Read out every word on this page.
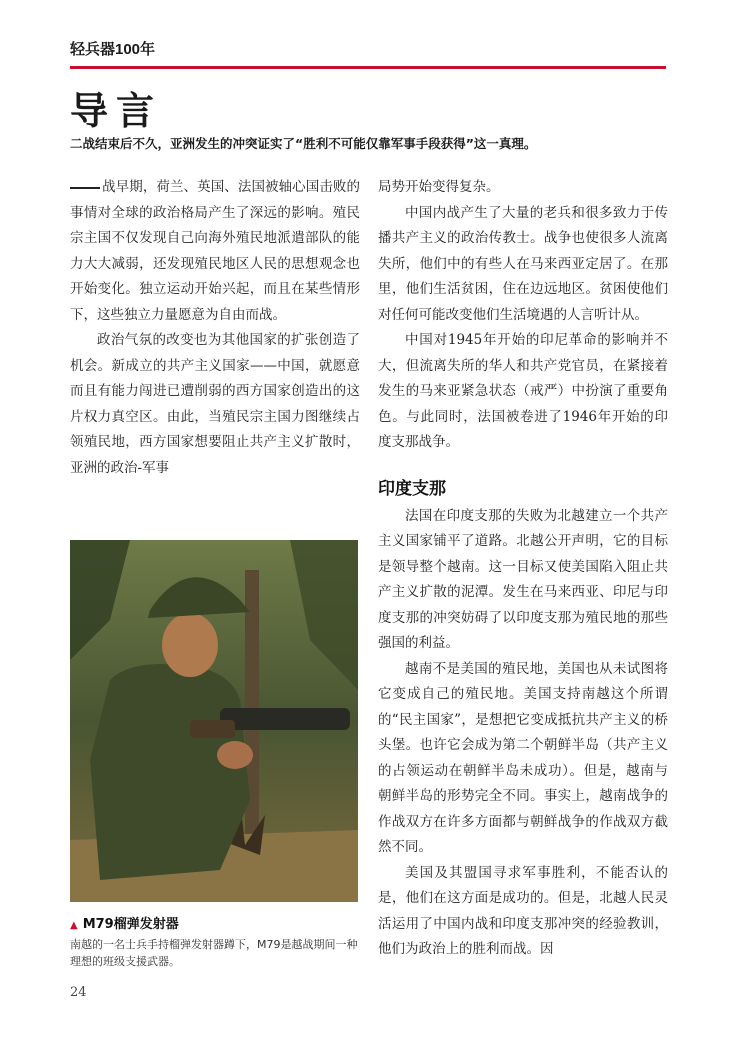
轻兵器100年
导言
二战结束后不久，亚洲发生的冲突证实了“胜利不可能仅靠军事手段获得”这一真理。

战早期，荷兰、英国、法国被轴心国击败的事情对全球的政治格局产生了深远的影响。殖民宗主国不仅发现自己向海外殖民地派遣部队的能力大大减弱，还发现殖民地区人民的思想观念也开始变化。独立运动开始兴起，而且在某些情形下，这些独立力量愿意为自由而战。

政治气氛的改变也为其他国家的扩张创造了机会。新成立的共产主义国家——中国，就愿意而且有能力闯进已遭削弱的西方国家创造出的这片权力真空区。由此，当殖民宗主国力图继续占领殖民地，西方国家想要阻止共产主义扩散时，亚洲的政治-军事

▲ M79榴弹发射器
南越的一名士兵手持榴弹发射器蹲下，M79是越战期间一种理想的班级支援武器。

局势开始变得复杂。

中国内战产生了大量的老兵和很多致力于传播共产主义的政治传教士。战争也使很多人流离失所，他们中的有些人在马来西亚定居了。在那里，他们生活贫困，住在边远地区。贫困使他们对任何可能改变他们生活境遇的人言听计从。

中国对1945年开始的印尼革命的影响并不大，但流离失所的华人和共产党官员，在紧接着发生的马来亚紧急状态（戒严）中扮演了重要角色。与此同时，法国被卷进了1946年开始的印度支那战争。

印度支那

法国在印度支那的失败为北越建立一个共产主义国家铺平了道路。北越公开声明，它的目标是领导整个越南。这一目标又使美国陷入阻止共产主义扩散的泥潭。发生在马来西亚、印尼与印度支那的冲突妨碍了以印度支那为殖民地的那些强国的利益。

越南不是美国的殖民地，美国也从未试图将它变成自己的殖民地。美国支持南越这个所谓的“民主国家”，是想把它变成抵抗共产主义的桥头堡。也许它会成为第二个朝鲜半岛（共产主义的占领运动在朝鲜半岛未成功）。但是，越南与朝鲜半岛的形势完全不同。事实上，越南战争的作战双方在许多方面都与朝鲜战争的作战双方截然不同。

美国及其盟国寻求军事胜利，不能否认的是，他们在这方面是成功的。但是，北越人民灵活运用了中国内战和印度支那冲突的经验教训，他们为政治上的胜利而战。因

24
